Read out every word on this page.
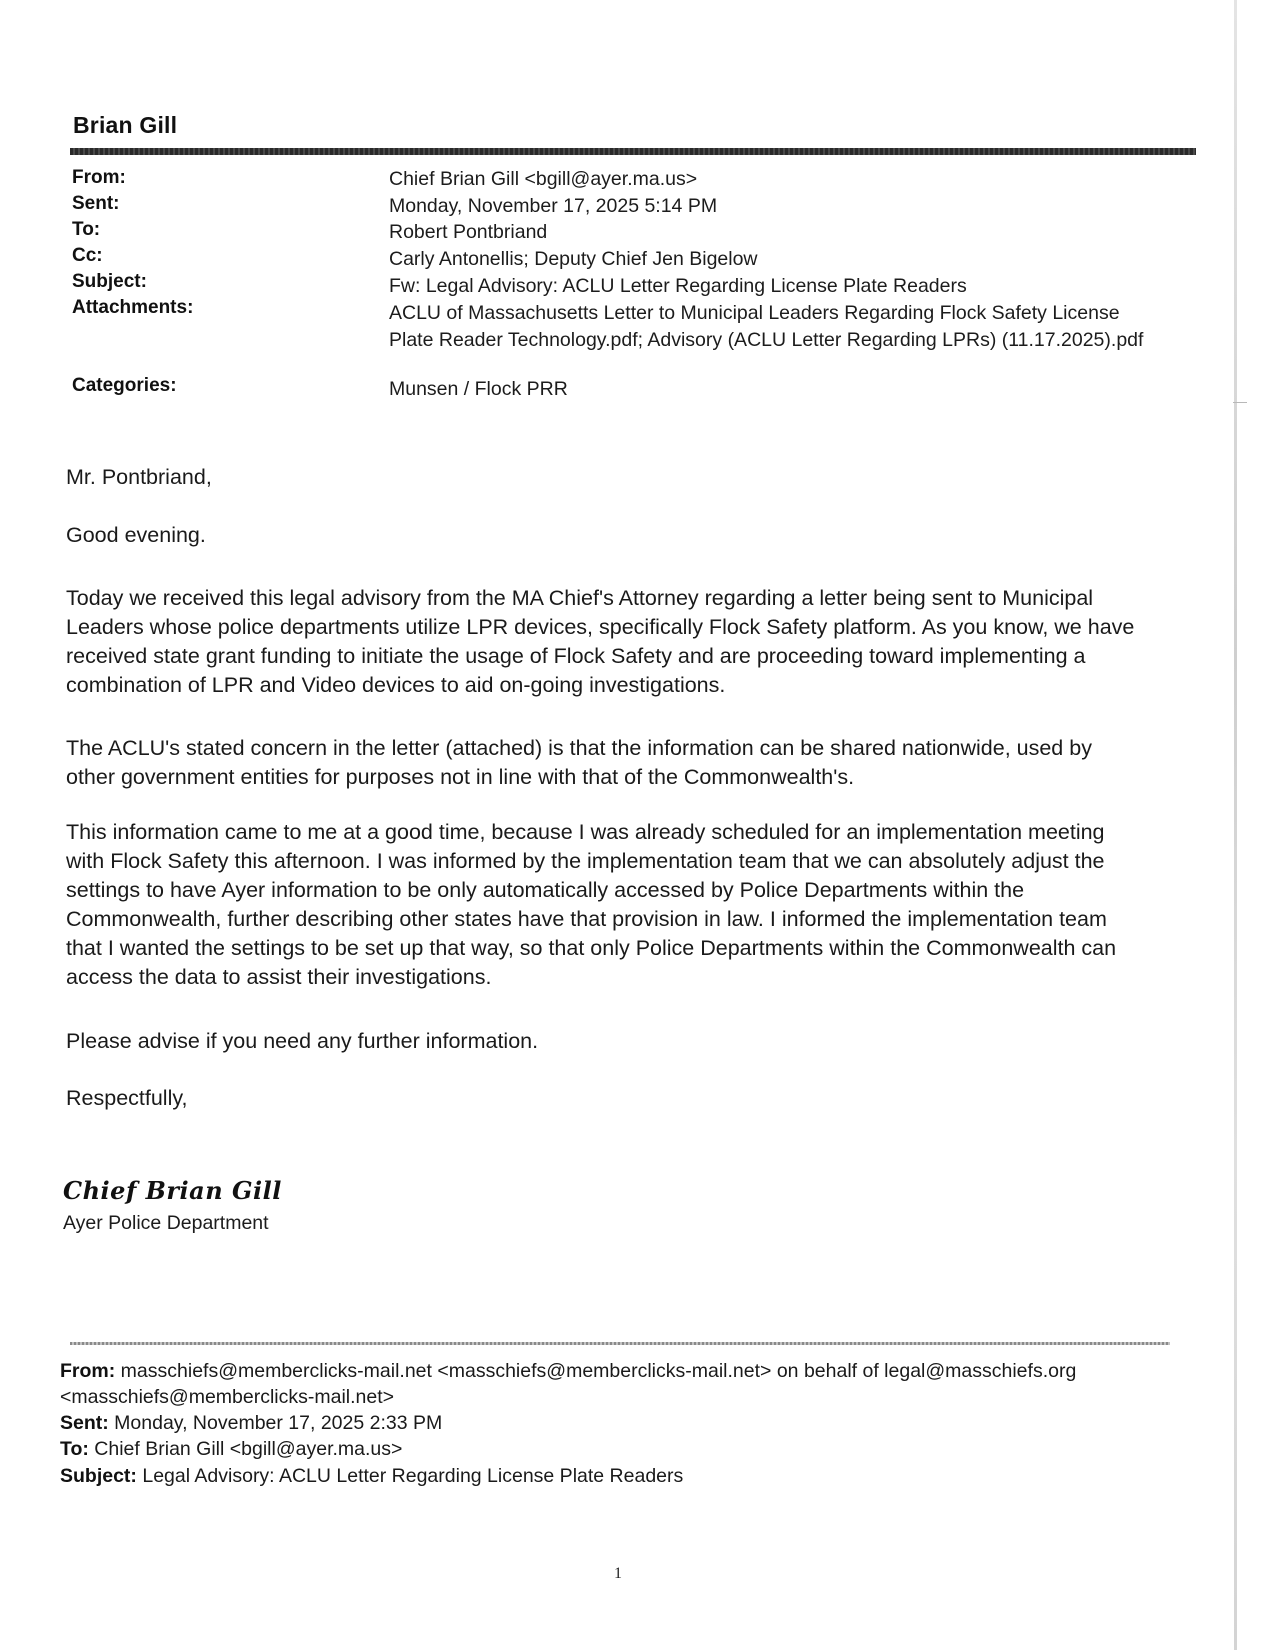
Brian Gill
From:	Chief Brian Gill <bgill@ayer.ma.us>
Sent:	Monday, November 17, 2025 5:14 PM
To:	Robert Pontbriand
Cc:	Carly Antonellis; Deputy Chief Jen Bigelow
Subject:	Fw: Legal Advisory: ACLU Letter Regarding License Plate Readers
Attachments:	ACLU of Massachusetts Letter to Municipal Leaders Regarding Flock Safety License Plate Reader Technology.pdf; Advisory (ACLU Letter Regarding LPRs) (11.17.2025).pdf
Categories:	Munsen / Flock PRR
Mr. Pontbriand,
Good evening.
Today we received this legal advisory from the MA Chief's Attorney regarding a letter being sent to Municipal Leaders whose police departments utilize LPR devices, specifically Flock Safety platform. As you know, we have received state grant funding to initiate the usage of Flock Safety and are proceeding toward implementing a combination of LPR and Video devices to aid on-going investigations.
The ACLU's stated concern in the letter (attached) is that the information can be shared nationwide, used by other government entities for purposes not in line with that of the Commonwealth's.
This information came to me at a good time, because I was already scheduled for an implementation meeting with Flock Safety this afternoon. I was informed by the implementation team that we can absolutely adjust the settings to have Ayer information to be only automatically accessed by Police Departments within the Commonwealth, further describing other states have that provision in law. I informed the implementation team that I wanted the settings to be set up that way, so that only Police Departments within the Commonwealth can access the data to assist their investigations.
Please advise if you need any further information.
Respectfully,
Chief Brian Gill
Ayer Police Department
From: masschiefs@memberclicks-mail.net <masschiefs@memberclicks-mail.net> on behalf of legal@masschiefs.org
<masschiefs@memberclicks-mail.net>
Sent: Monday, November 17, 2025 2:33 PM
To: Chief Brian Gill <bgill@ayer.ma.us>
Subject: Legal Advisory: ACLU Letter Regarding License Plate Readers
1
